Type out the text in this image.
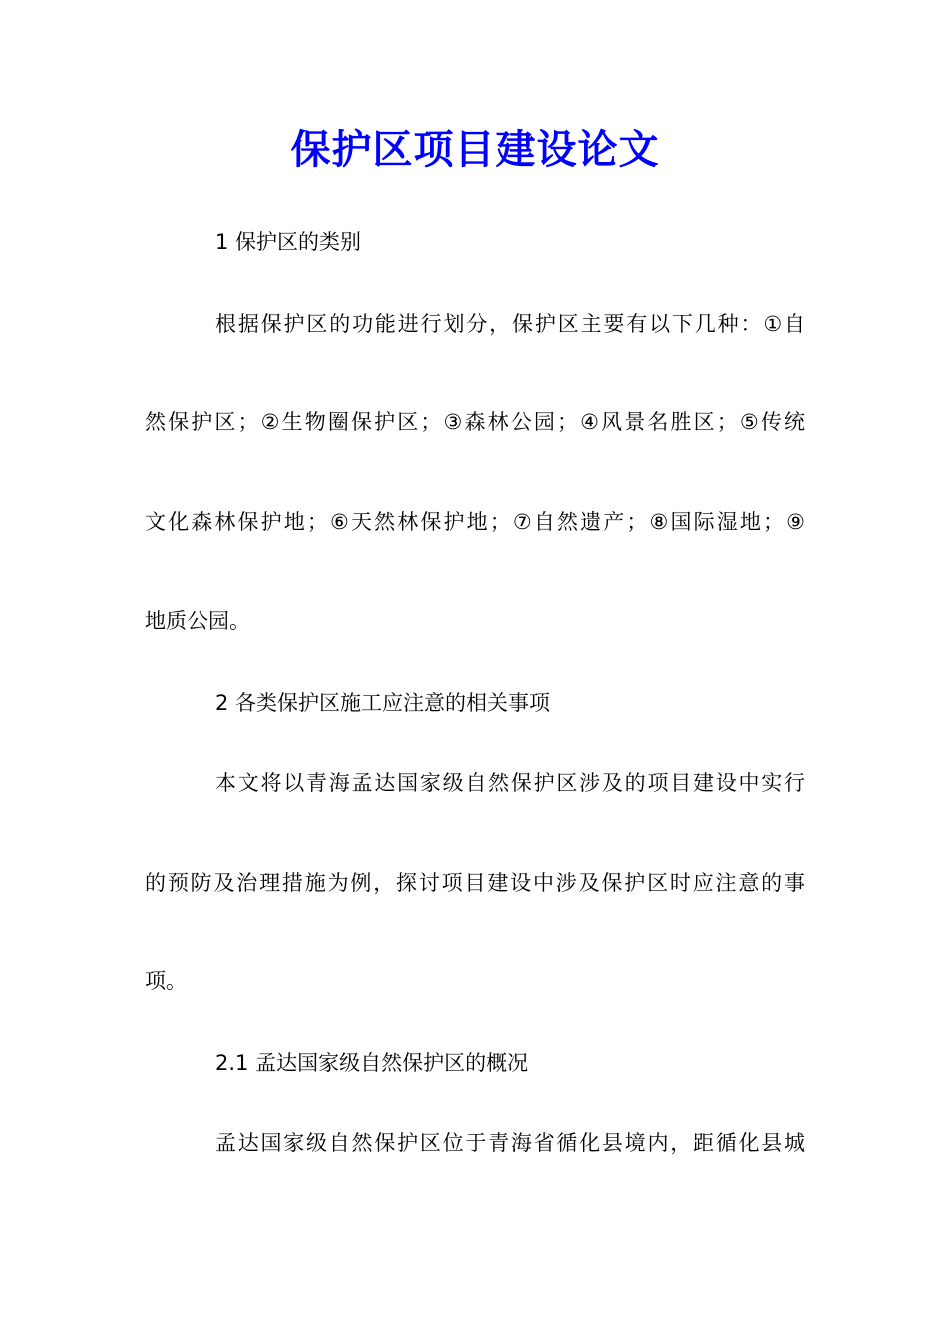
保护区项目建设论文
1 保护区的类别
根据保护区的功能进行划分，保护区主要有以下几种：①自
然保护区；②生物圈保护区；③森林公园；④风景名胜区；⑤传统
文化森林保护地；⑥天然林保护地；⑦自然遗产；⑧国际湿地；⑨
地质公园。
2 各类保护区施工应注意的相关事项
本文将以青海孟达国家级自然保护区涉及的项目建设中实行
的预防及治理措施为例，探讨项目建设中涉及保护区时应注意的事
项。
2.1 孟达国家级自然保护区的概况
孟达国家级自然保护区位于青海省循化县境内，距循化县城
